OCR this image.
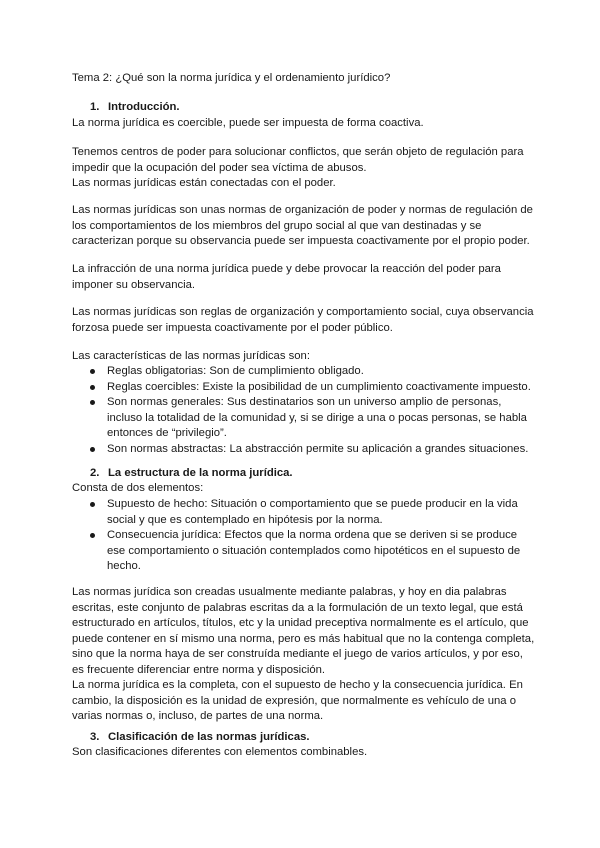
Tema 2: ¿Qué son la norma jurídica y el ordenamiento jurídico?
1. Introducción.
La norma jurídica es coercible, puede ser impuesta de forma coactiva.
Tenemos centros de poder para solucionar conflictos, que serán objeto de regulación para
impedir que la ocupación del poder sea víctima de abusos.
Las normas jurídicas están conectadas con el poder.
Las normas jurídicas son unas normas de organización de poder y normas de regulación de
los comportamientos de los miembros del grupo social al que van destinadas y se
caracterizan porque su observancia puede ser impuesta coactivamente por el propio poder.
La infracción de una norma jurídica puede y debe provocar la reacción del poder para
imponer su observancia.
Las normas jurídicas son reglas de organización y comportamiento social, cuya observancia
forzosa puede ser impuesta coactivamente por el poder público.
Las características de las normas jurídicas son:
Reglas obligatorias: Son de cumplimiento obligado.
Reglas coercibles: Existe la posibilidad de un cumplimiento coactivamente impuesto.
Son normas generales: Sus destinatarios son un universo amplio de personas,
incluso la totalidad de la comunidad y, si se dirige a una o pocas personas, se habla
entonces de “privilegio”.
Son normas abstractas: La abstracción permite su aplicación a grandes situaciones.
2. La estructura de la norma jurídica.
Consta de dos elementos:
Supuesto de hecho: Situación o comportamiento que se puede producir en la vida
social y que es contemplado en hipótesis por la norma.
Consecuencia jurídica: Efectos que la norma ordena que se deriven si se produce
ese comportamiento o situación contemplados como hipotéticos en el supuesto de
hecho.
Las normas jurídica son creadas usualmente mediante palabras, y hoy en dia palabras
escritas, este conjunto de palabras escritas da a la formulación de un texto legal, que está
estructurado en artículos, títulos, etc y la unidad preceptiva normalmente es el artículo, que
puede contener en sí mismo una norma, pero es más habitual que no la contenga completa,
sino que la norma haya de ser construída mediante el juego de varios artículos, y por eso,
es frecuente diferenciar entre norma y disposición.
La norma jurídica es la completa, con el supuesto de hecho y la consecuencia jurídica. En
cambio, la disposición es la unidad de expresión, que normalmente es vehículo de una o
varias normas o, incluso, de partes de una norma.
3. Clasificación de las normas jurídicas.
Son clasificaciones diferentes con elementos combinables.
